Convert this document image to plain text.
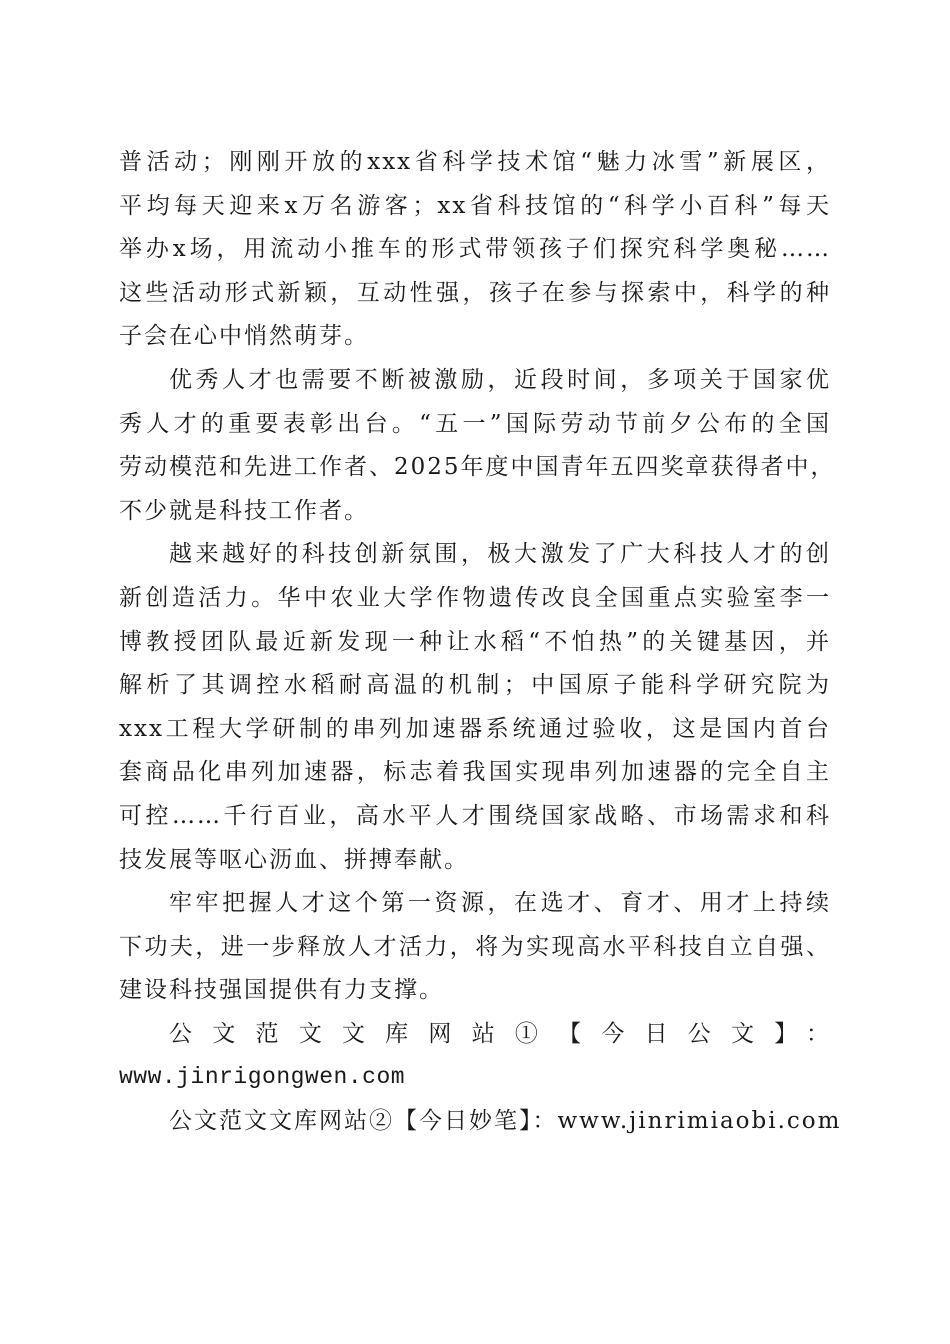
普活动；刚刚开放的xxx省科学技术馆“魅力冰雪”新展区，
平均每天迎来x万名游客；xx省科技馆的“科学小百科”每天
举办x场，用流动小推车的形式带领孩子们探究科学奥秘……
这些活动形式新颖，互动性强，孩子在参与探索中，科学的种
子会在心中悄然萌芽。
优秀人才也需要不断被激励，近段时间，多项关于国家优
秀人才的重要表彰出台。“五一”国际劳动节前夕公布的全国
劳动模范和先进工作者、2025年度中国青年五四奖章获得者中，
不少就是科技工作者。
越来越好的科技创新氛围，极大激发了广大科技人才的创
新创造活力。华中农业大学作物遗传改良全国重点实验室李一
博教授团队最近新发现一种让水稻“不怕热”的关键基因，并
解析了其调控水稻耐高温的机制；中国原子能科学研究院为
xxx工程大学研制的串列加速器系统通过验收，这是国内首台
套商品化串列加速器，标志着我国实现串列加速器的完全自主
可控……千行百业，高水平人才围绕国家战略、市场需求和科
技发展等呕心沥血、拼搏奉献。
牢牢把握人才这个第一资源，在选才、育才、用才上持续
下功夫，进一步释放人才活力，将为实现高水平科技自立自强、
建设科技强国提供有力支撑。
公文范文文库网站①【今日公文】：
www.jinrigongwen.com
公文范文文库网站②【今日妙笔】：www.jinrimiaobi.com
